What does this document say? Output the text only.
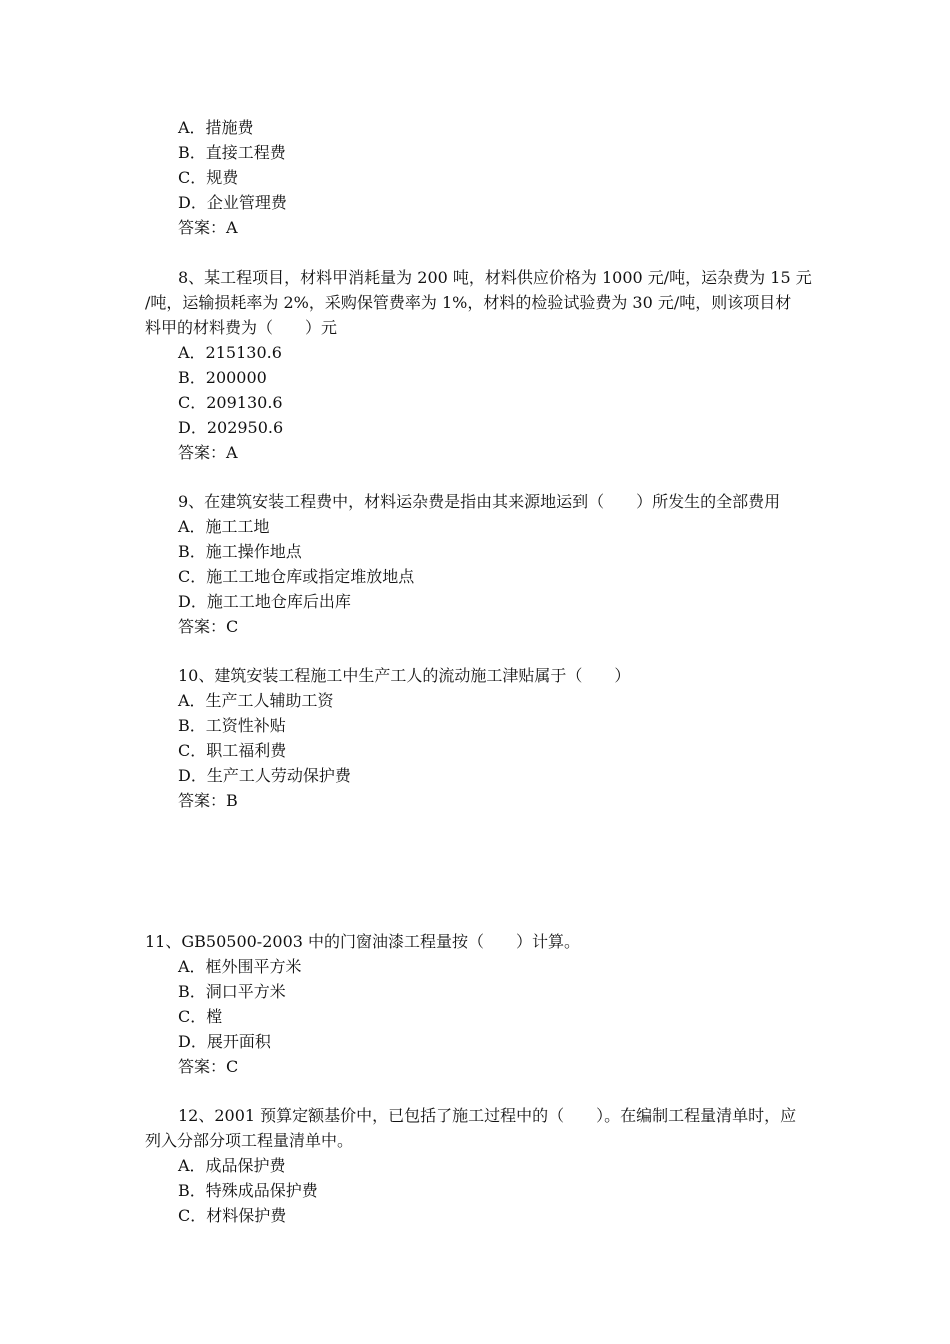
A．措施费
B．直接工程费
C．规费
D．企业管理费
答案：A
8、某工程项目，材料甲消耗量为 200 吨，材料供应价格为 1000 元/吨，运杂费为 15 元
/吨，运输损耗率为 2%，采购保管费率为 1%，材料的检验试验费为 30 元/吨，则该项目材
料甲的材料费为（　　）元
A．215130.6
B．200000
C．209130.6
D．202950.6
答案：A
9、在建筑安装工程费中，材料运杂费是指由其来源地运到（　　）所发生的全部费用
A．施工工地
B．施工操作地点
C．施工工地仓库或指定堆放地点
D．施工工地仓库后出库
答案：C
10、建筑安装工程施工中生产工人的流动施工津贴属于（　　）
A．生产工人辅助工资
B．工资性补贴
C．职工福利费
D．生产工人劳动保护费
答案：B
11、GB50500-2003 中的门窗油漆工程量按（　　）计算。
A．框外围平方米
B．洞口平方米
C．樘
D．展开面积
答案：C
12、2001 预算定额基价中，已包括了施工过程中的（　　）。在编制工程量清单时，应
列入分部分项工程量清单中。
A．成品保护费
B．特殊成品保护费
C．材料保护费
